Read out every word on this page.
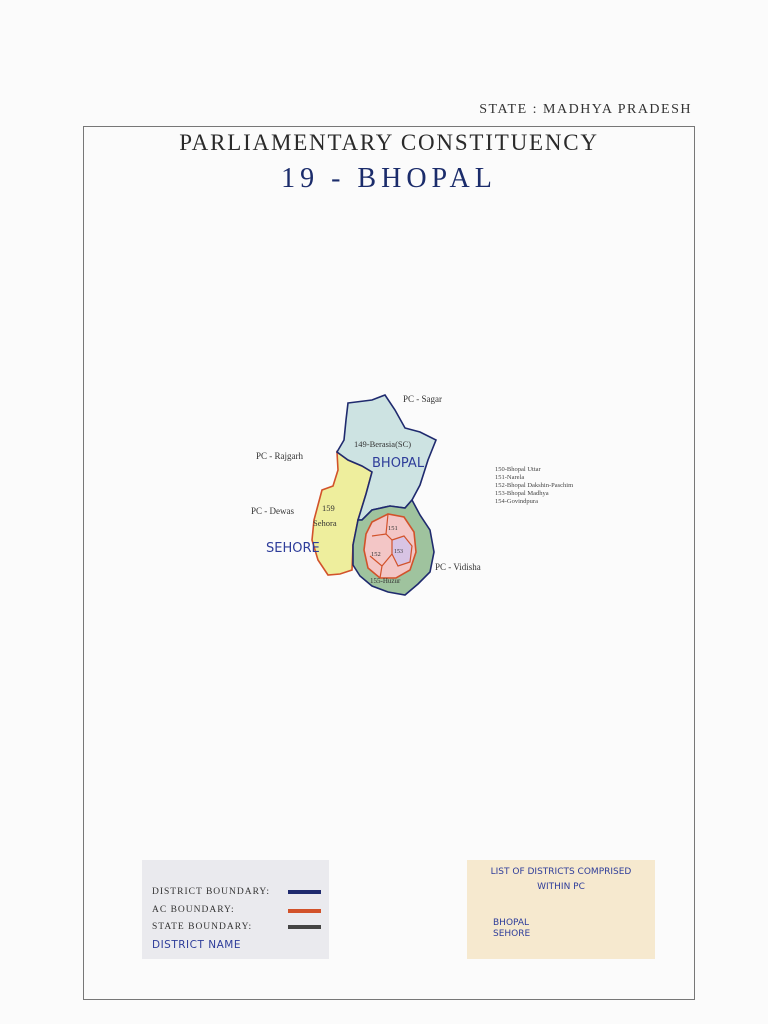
STATE : MADHYA PRADESH
PARLIAMENTARY CONSTITUENCY
19 - BHOPAL
PC - Sagar
PC - Rajgarh
PC - Dewas
PC - Vidisha
BHOPAL
SEHORE
149-Berasia(SC)
159
Sehora
155-Huzur
151
152 153
150-Bhopal Uttar
151-Narela
152-Bhopal Dakshin-Paschim
153-Bhopal Madhya
154-Govindpura
DISTRICT BOUNDARY:
AC BOUNDARY:
STATE BOUNDARY:
DISTRICT NAME
LIST OF DISTRICTS COMPRISED
WITHIN PC
BHOPAL
SEHORE
